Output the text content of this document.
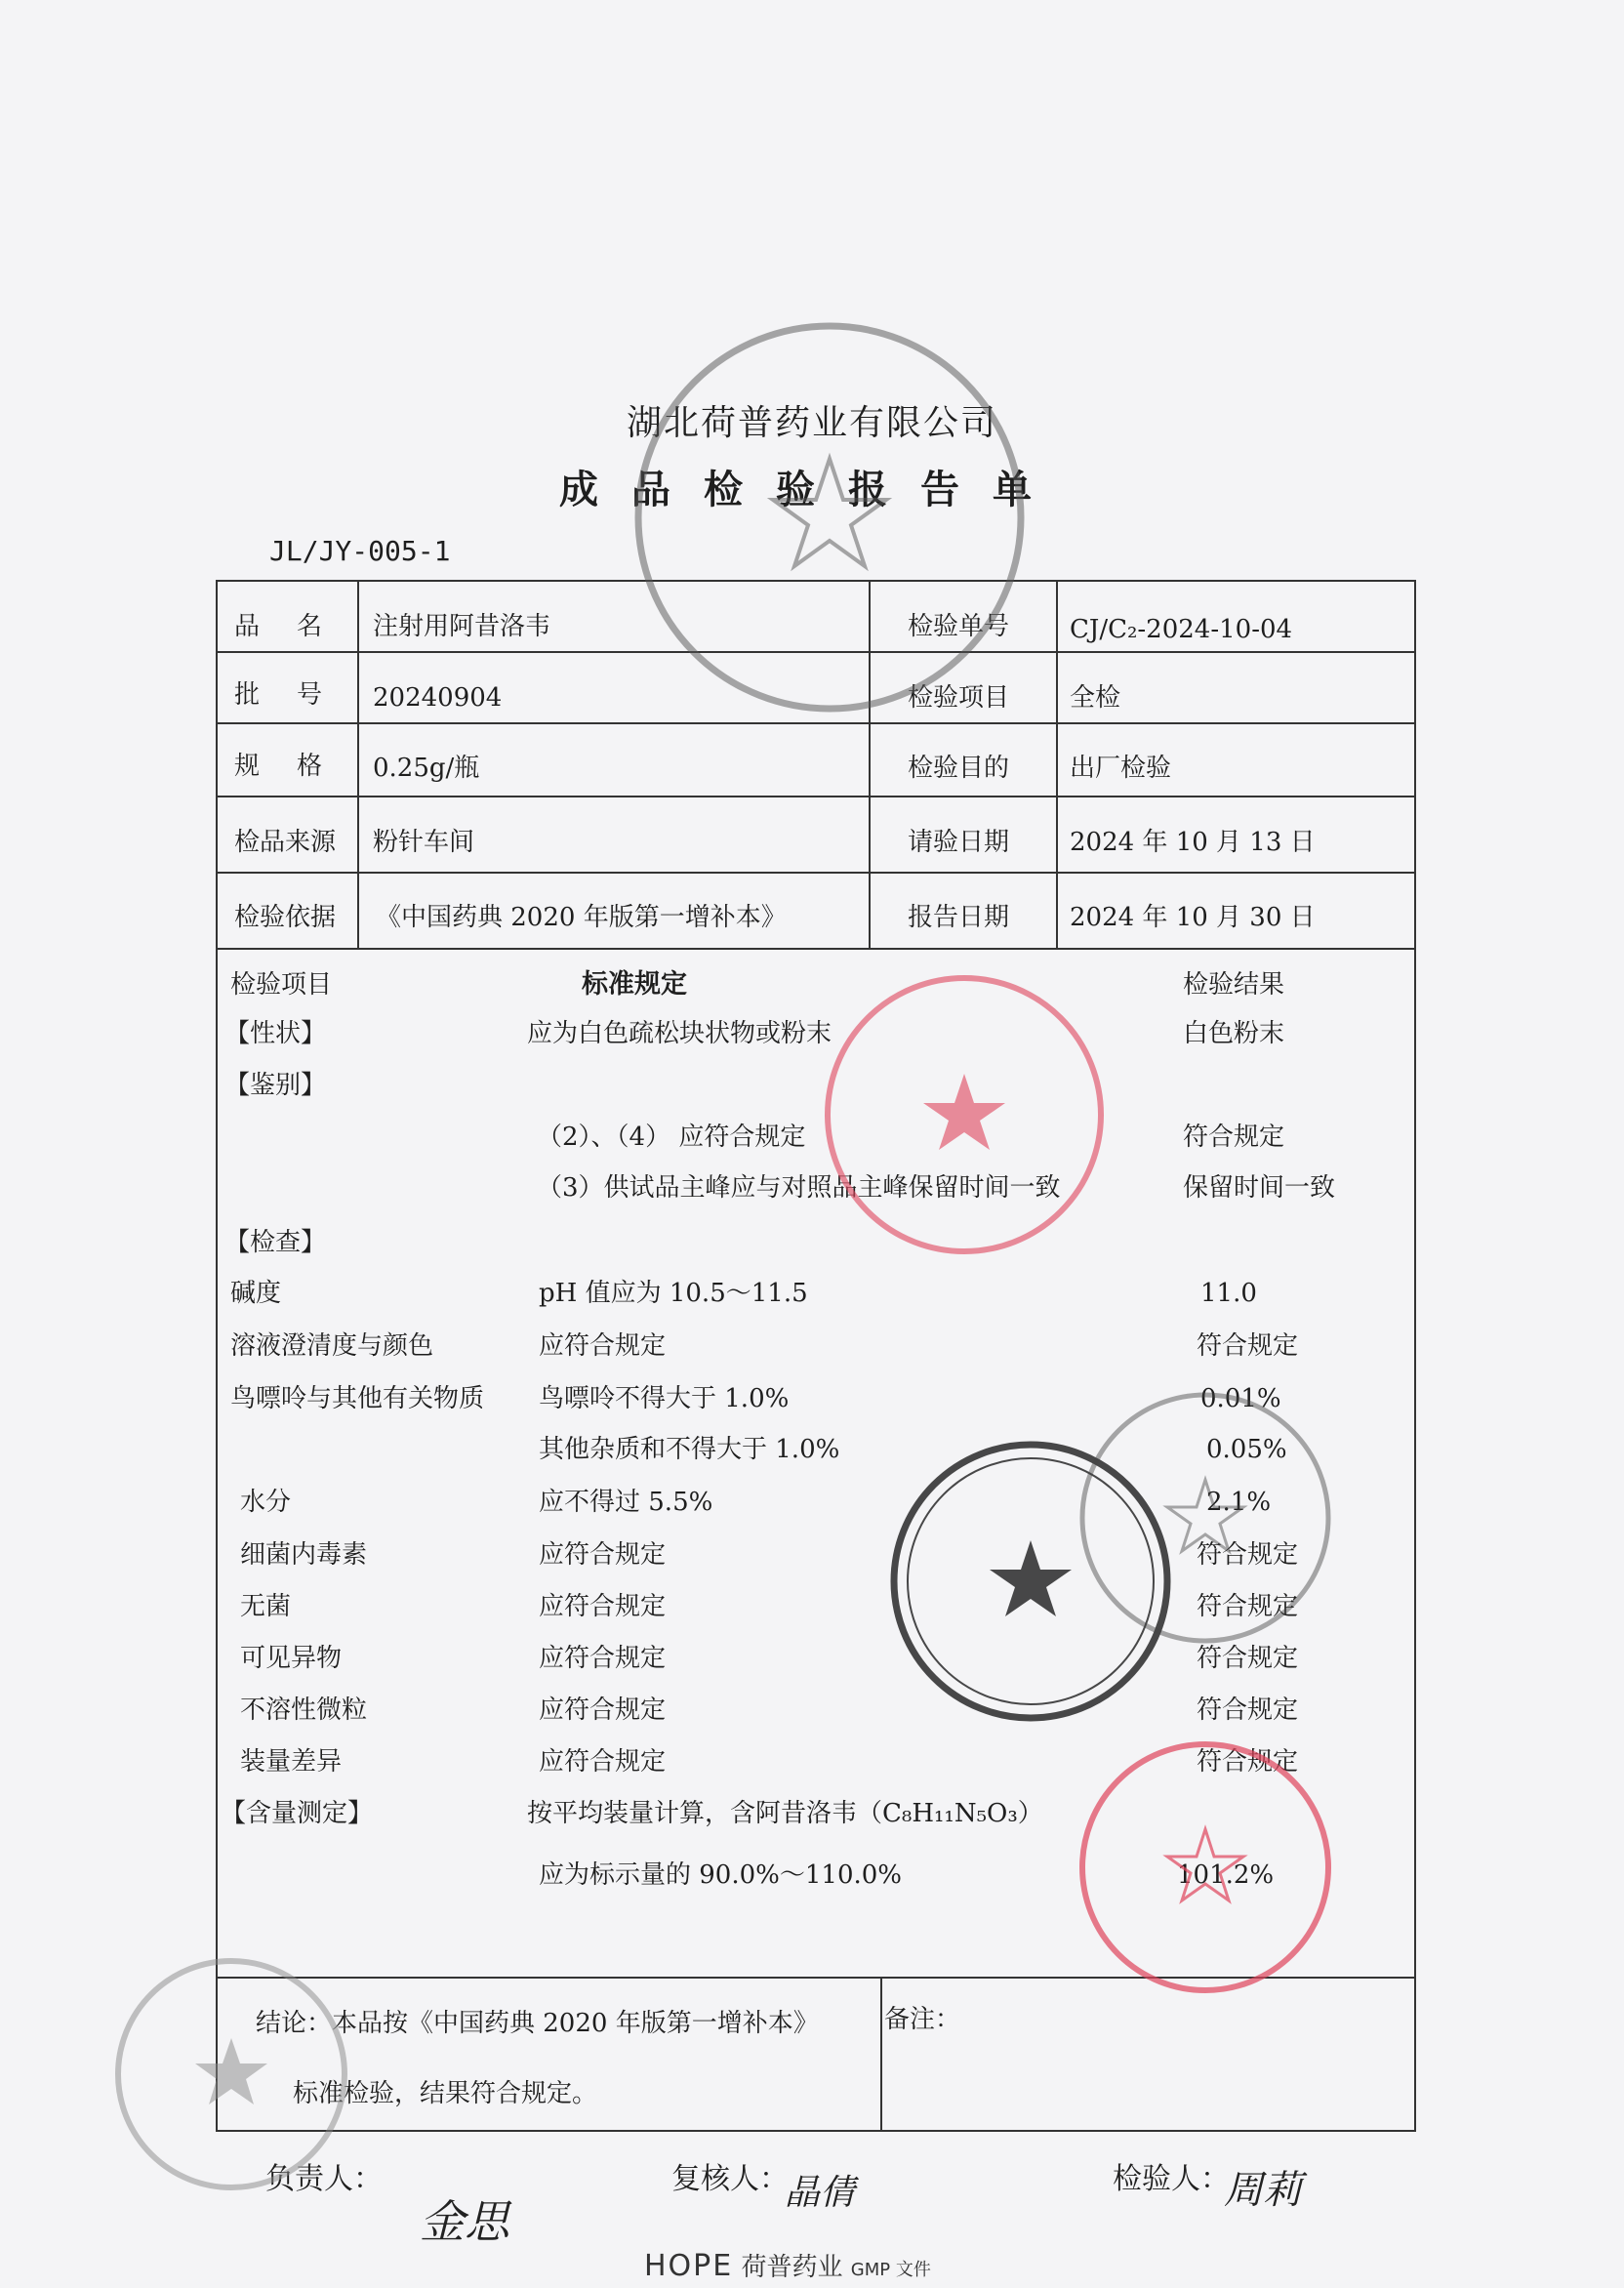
湖北荷普药业有限公司
成品检验报告单
JL/JY-005-1
品名 注射用阿昔洛韦	检验单号 CJ/C₂-2024-10-04
批号 20240904	检验项目 全检
规格 0.25g/瓶	检验目的 出厂检验
检品来源 粉针车间	请验日期 2024 年 10 月 13 日
检验依据 《中国药典 2020 年版第一增补本》	报告日期 2024 年 10 月 30 日
检验项目	标准规定	检验结果
【性状】	应为白色疏松块状物或粉末	白色粉末
【鉴别】
（2）、（4） 应符合规定	符合规定
（3）供试品主峰应与对照品主峰保留时间一致	保留时间一致
【检查】
碱度	pH 值应为 10.5～11.5	11.0
溶液澄清度与颜色	应符合规定	符合规定
鸟嘌呤与其他有关物质 鸟嘌呤不得大于 1.0%	0.01%
其他杂质和不得大于 1.0%	0.05%
水分	应不得过 5.5%	2.1%
细菌内毒素	应符合规定	符合规定
无菌	应符合规定	符合规定
可见异物	应符合规定	符合规定
不溶性微粒	应符合规定	符合规定
装量差异	应符合规定	符合规定
【含量测定】	按平均装量计算，含阿昔洛韦（C₈H₁₁N₅O₃）
应为标示量的 90.0%～110.0%	101.2%
结论：本品按《中国药典 2020 年版第一增补本》
标准检验，结果符合规定。
备注：
负责人：
金思
复核人：
晶倩	检验人：
周莉
HOPE 荷普药业 GMP 文件
